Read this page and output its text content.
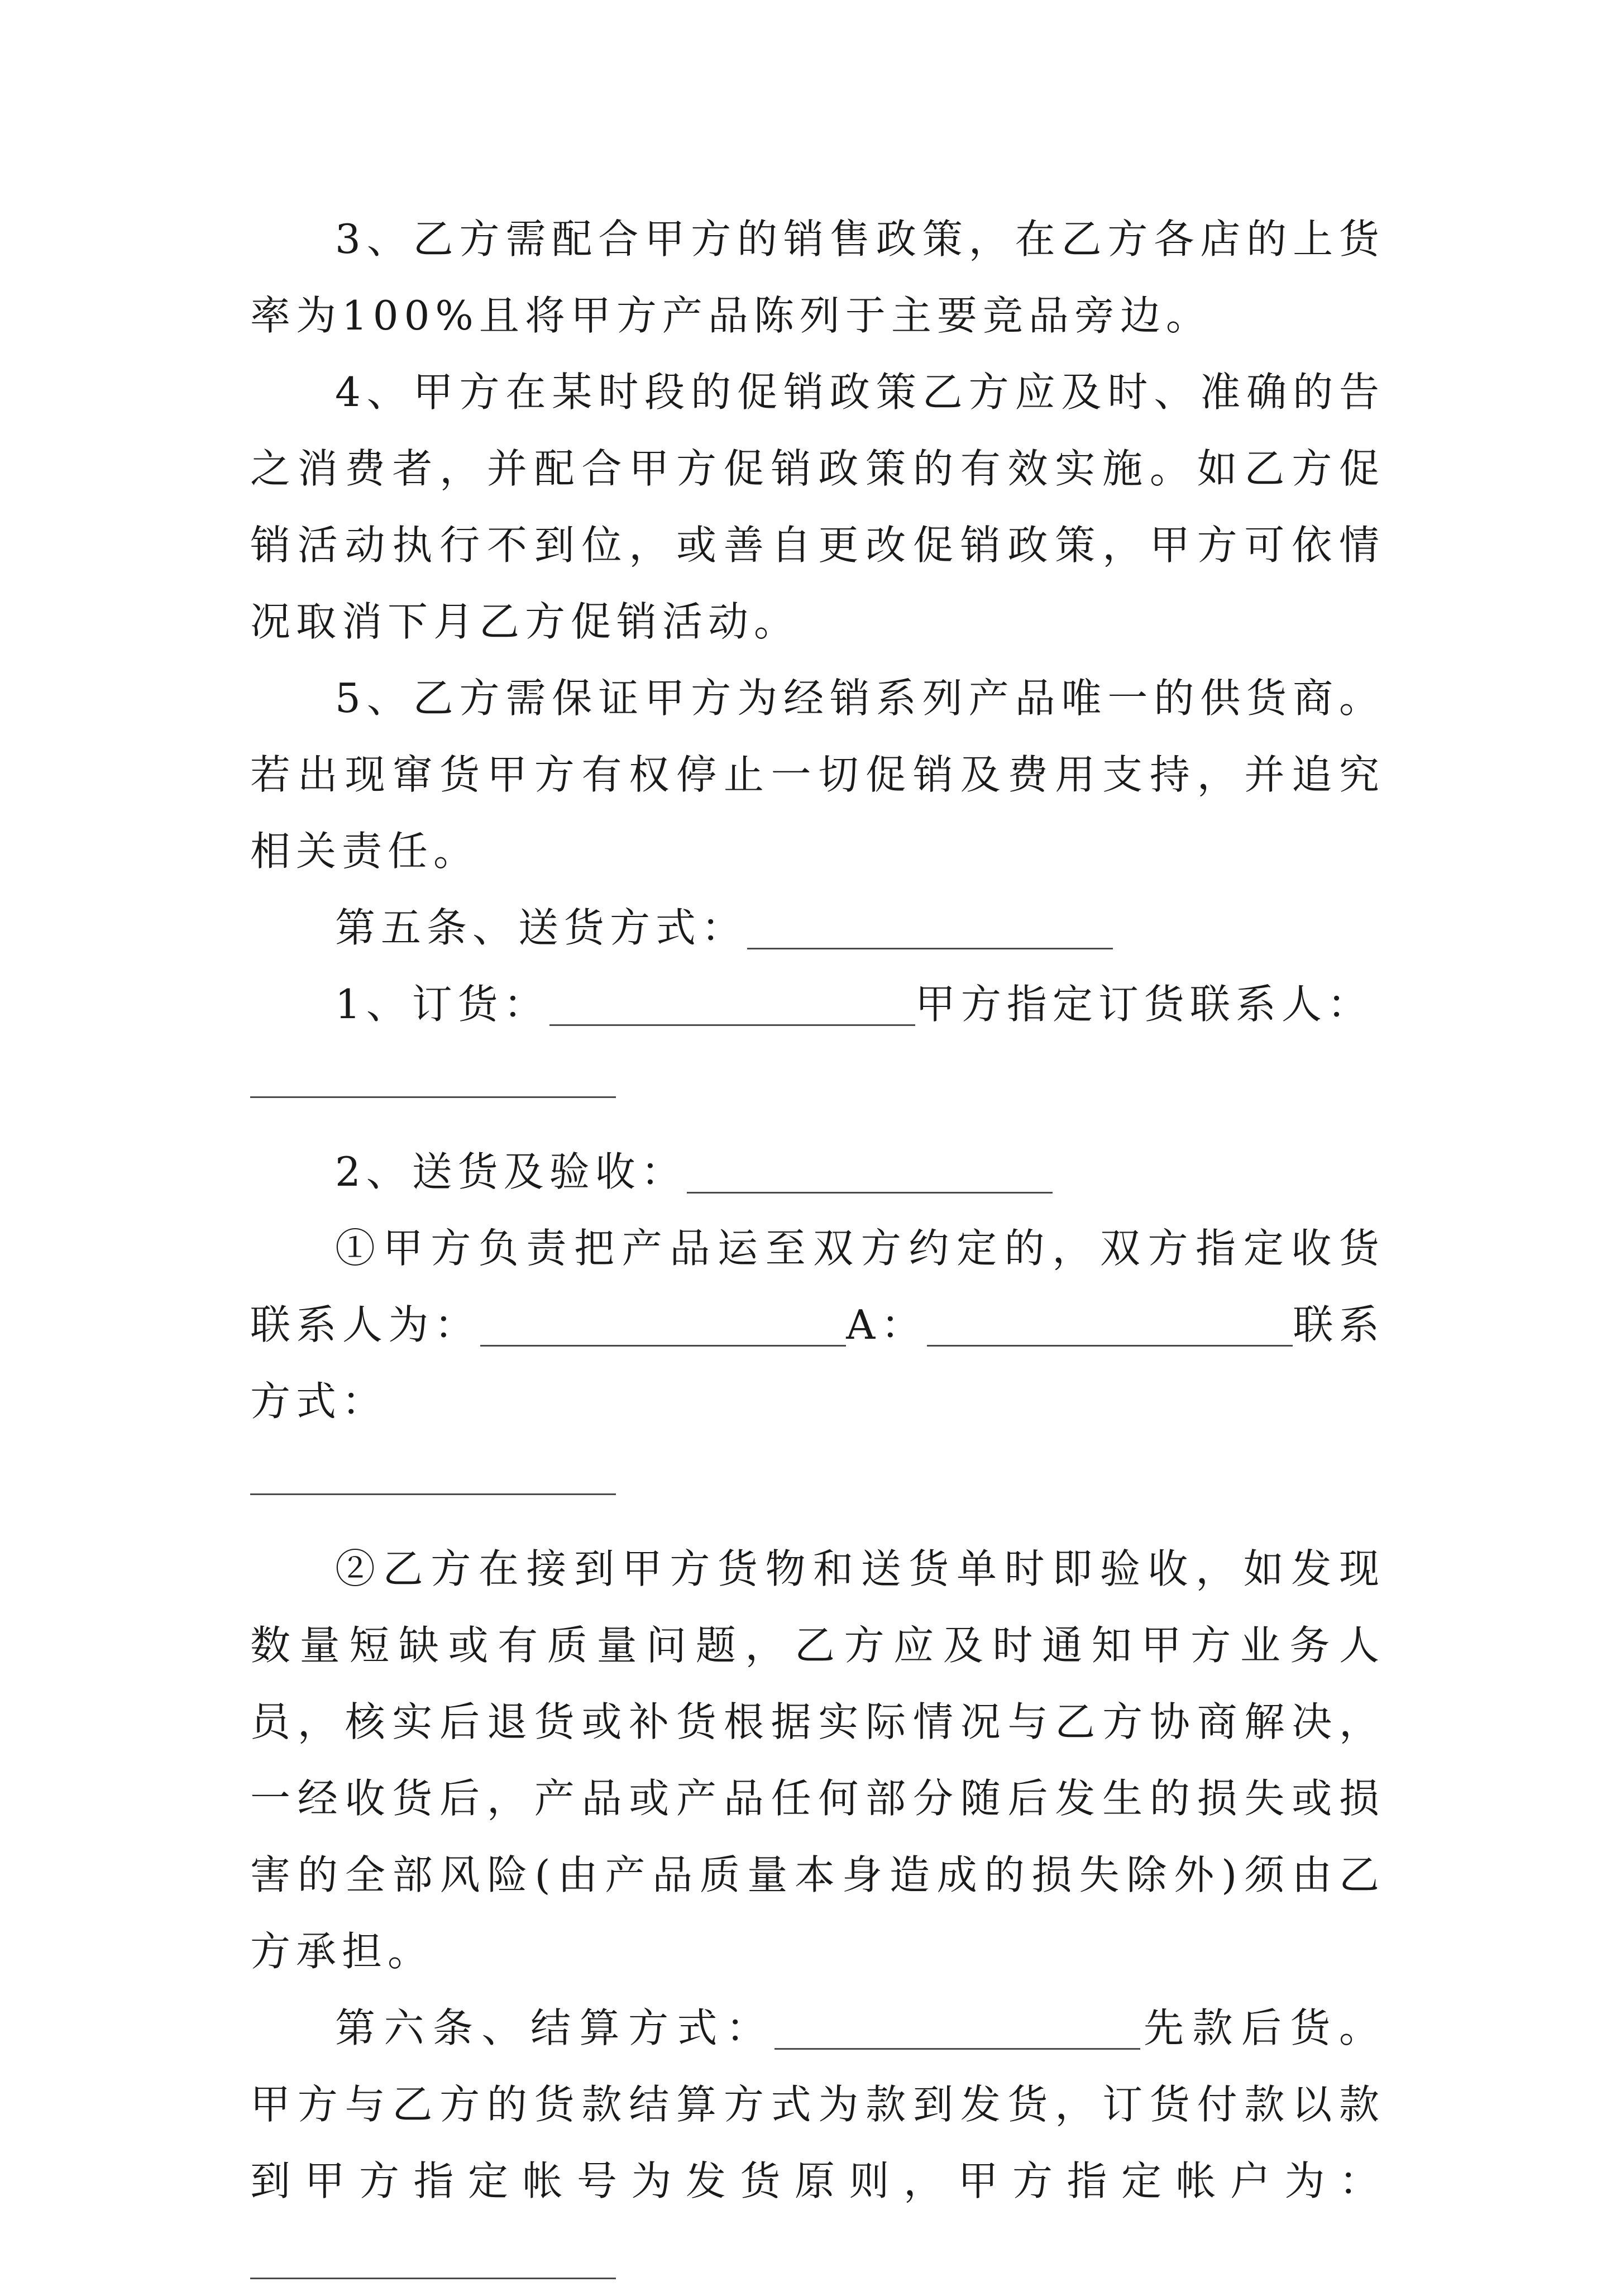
3、乙方需配合甲方的销售政策，在乙方各店的上货率为100%且将甲方产品陈列于主要竞品旁边。

4、甲方在某时段的促销政策乙方应及时、准确的告之消费者，并配合甲方促销政策的有效实施。如乙方促销活动执行不到位，或善自更改促销政策，甲方可依情况取消下月乙方促销活动。

5、乙方需保证甲方为经销系列产品唯一的供货商。若出现窜货甲方有权停止一切促销及费用支持，并追究相关责任。

第五条、送货方式：

1、订货：	甲方指定订货联系人：

2、送货及验收：

①甲方负责把产品运至双方约定的，双方指定收货联系人为：	A：	联系方式：

②乙方在接到甲方货物和送货单时即验收，如发现数量短缺或有质量问题，乙方应及时通知甲方业务人员，核实后退货或补货根据实际情况与乙方协商解决，一经收货后，产品或产品任何部分随后发生的损失或损害的全部风险(由产品质量本身造成的损失除外)须由乙方承担。

第六条、结算方式：	先款后货。甲方与乙方的货款结算方式为款到发货，订货付款以款到甲方指定帐号为发货原则，甲方指定帐户为：
